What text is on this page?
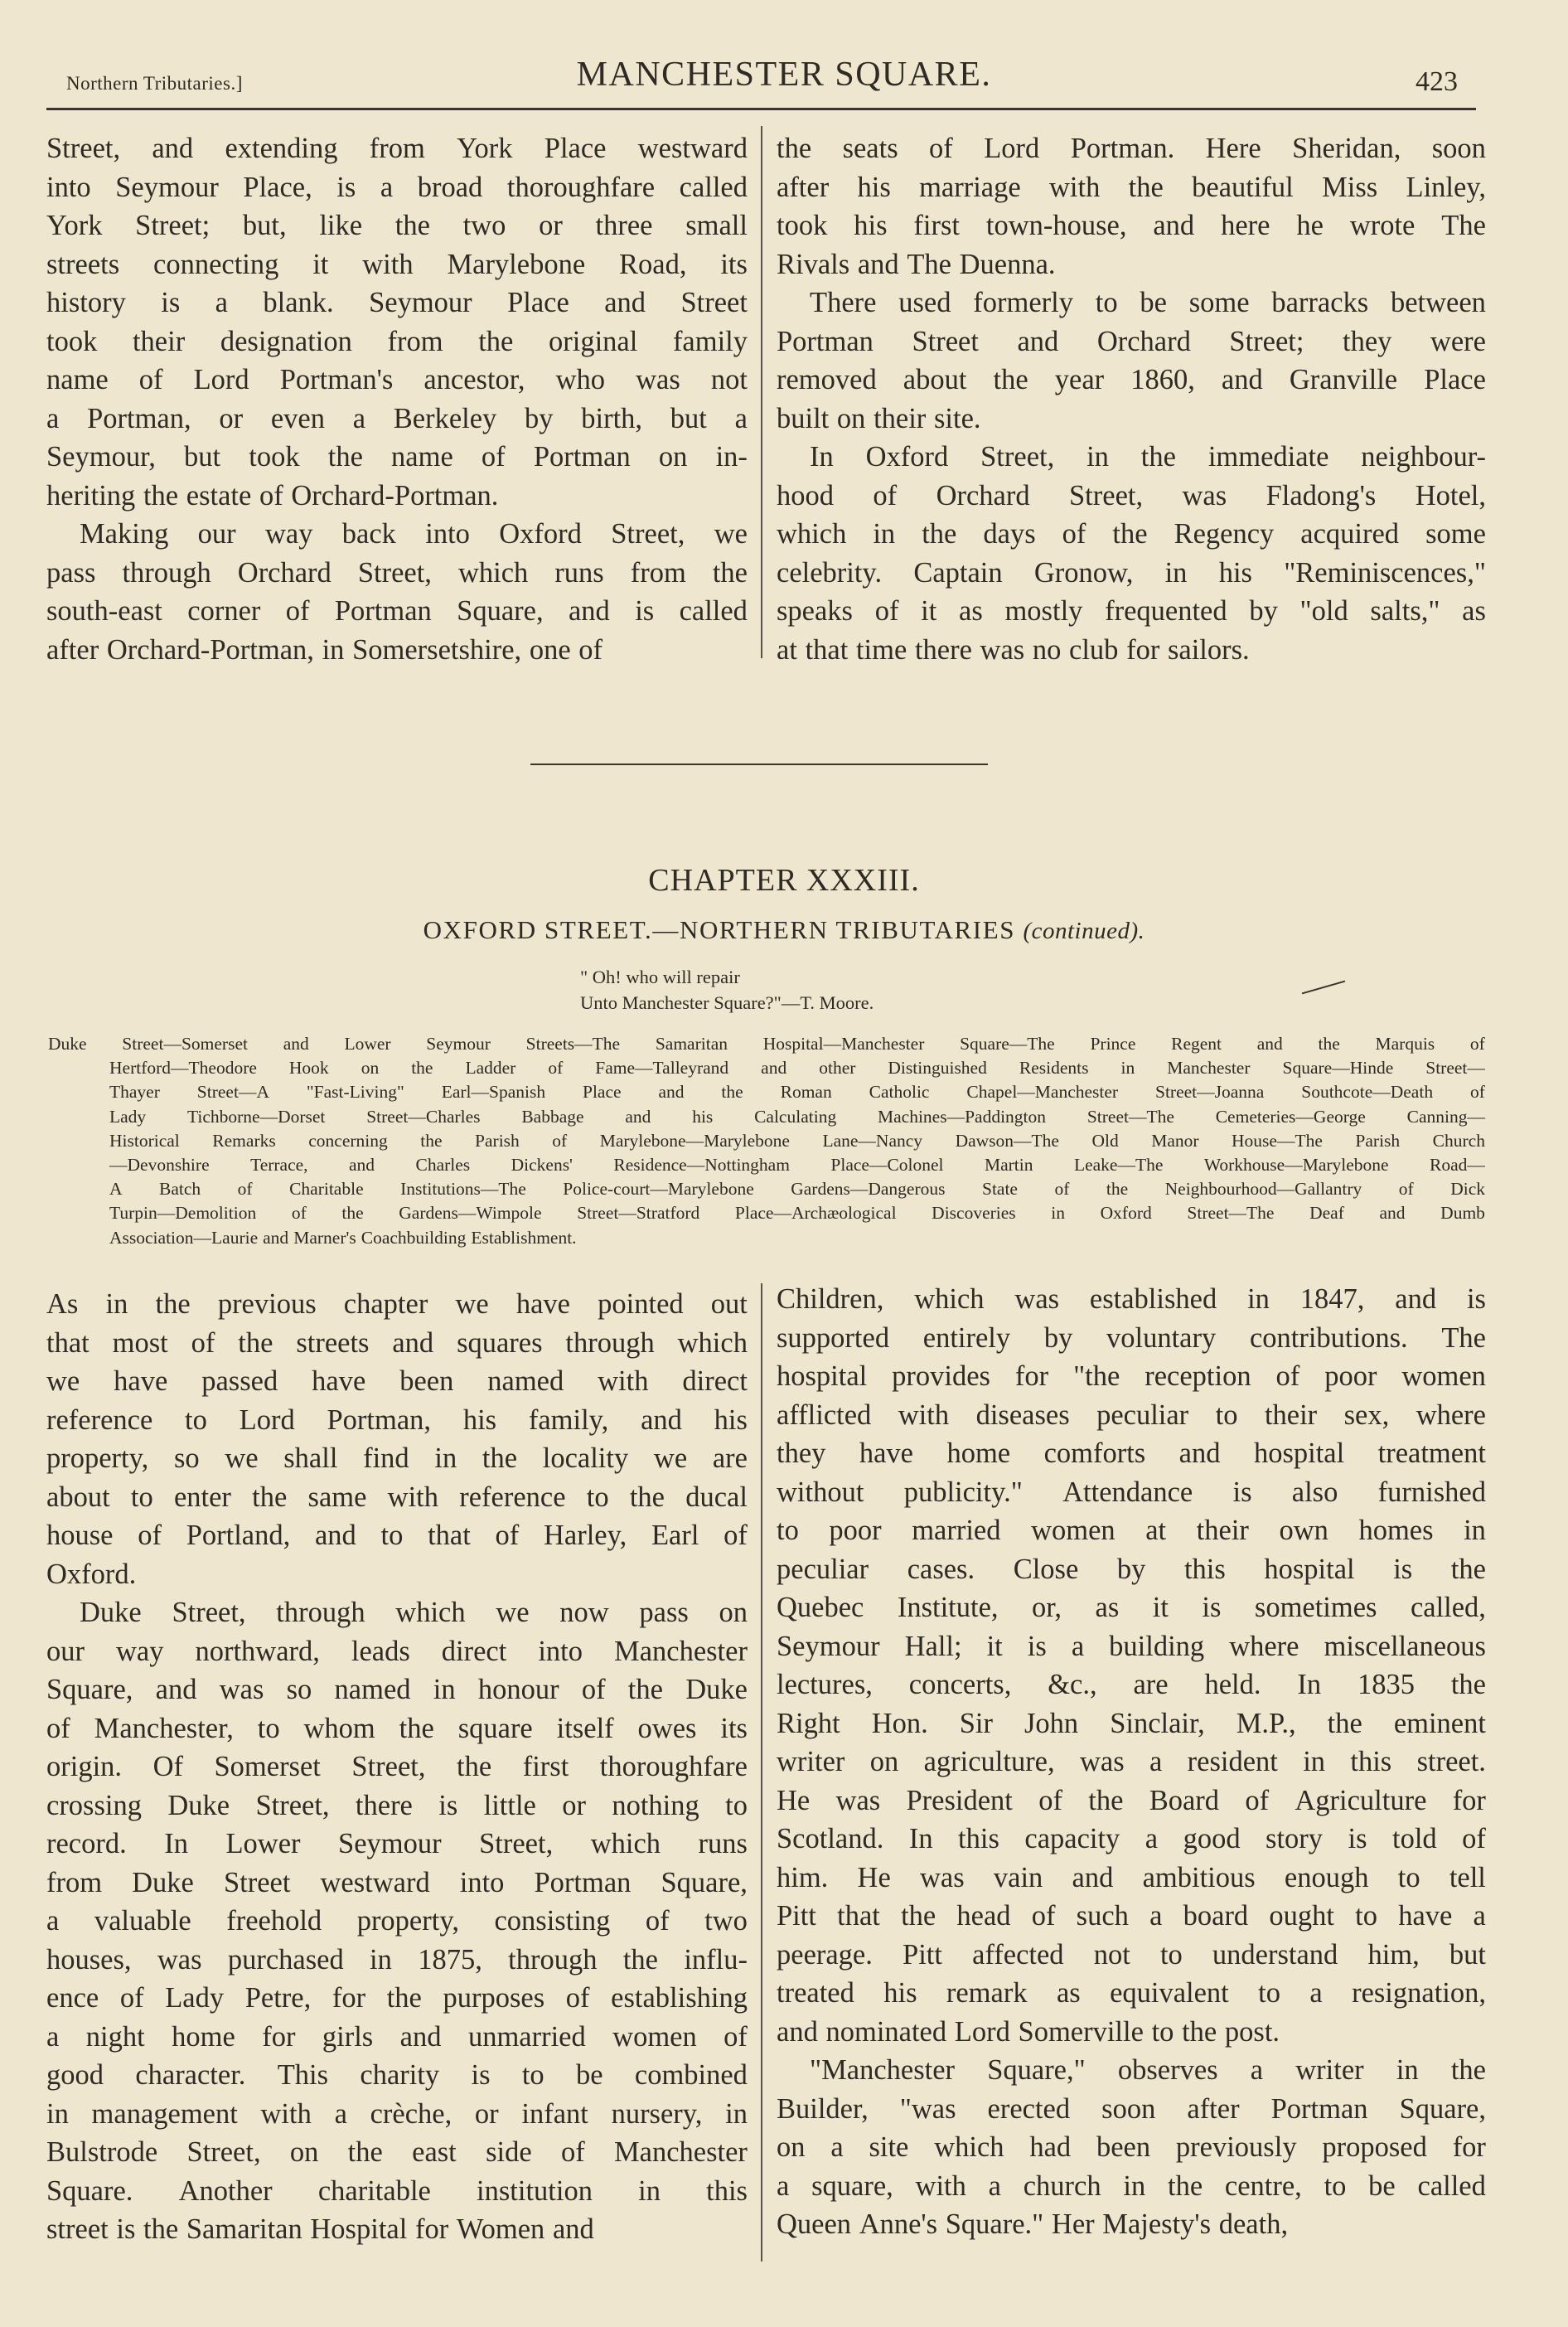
Northern Tributaries.]	MANCHESTER SQUARE.	423
Street, and extending from York Place westward
into Seymour Place, is a broad thoroughfare called
York Street; but, like the two or three small
streets connecting it with Marylebone Road, its
history is a blank. Seymour Place and Street
took their designation from the original family
name of Lord Portman's ancestor, who was not
a Portman, or even a Berkeley by birth, but a
Seymour, but took the name of Portman on in-
heriting the estate of Orchard-Portman.
Making our way back into Oxford Street, we
pass through Orchard Street, which runs from the
south-east corner of Portman Square, and is called
after Orchard-Portman, in Somersetshire, one of
the seats of Lord Portman. Here Sheridan, soon
after his marriage with the beautiful Miss Linley,
took his first town-house, and here he wrote The
Rivals and The Duenna.
There used formerly to be some barracks between
Portman Street and Orchard Street; they were
removed about the year 1860, and Granville Place
built on their site.
In Oxford Street, in the immediate neighbour-
hood of Orchard Street, was Fladong's Hotel,
which in the days of the Regency acquired some
celebrity. Captain Gronow, in his "Reminiscences,"
speaks of it as mostly frequented by "old salts," as
at that time there was no club for sailors.
CHAPTER XXXIII.
OXFORD STREET.—NORTHERN TRIBUTARIES (continued).
" Oh! who will repair
Unto Manchester Square?"—T. Moore.
Duke Street—Somerset and Lower Seymour Streets—The Samaritan Hospital—Manchester Square—The Prince Regent and the Marquis of
Hertford—Theodore Hook on the Ladder of Fame—Talleyrand and other Distinguished Residents in Manchester Square—Hinde Street—
Thayer Street—A "Fast-Living" Earl—Spanish Place and the Roman Catholic Chapel—Manchester Street—Joanna Southcote—Death of
Lady Tichborne—Dorset Street—Charles Babbage and his Calculating Machines—Paddington Street—The Cemeteries—George Canning—
Historical Remarks concerning the Parish of Marylebone—Marylebone Lane—Nancy Dawson—The Old Manor House—The Parish Church
—Devonshire Terrace, and Charles Dickens' Residence—Nottingham Place—Colonel Martin Leake—The Workhouse—Marylebone Road—
A Batch of Charitable Institutions—The Police-court—Marylebone Gardens—Dangerous State of the Neighbourhood—Gallantry of Dick
Turpin—Demolition of the Gardens—Wimpole Street—Stratford Place—Archæological Discoveries in Oxford Street—The Deaf and Dumb
Association—Laurie and Marner's Coachbuilding Establishment.
As in the previous chapter we have pointed out
that most of the streets and squares through which
we have passed have been named with direct
reference to Lord Portman, his family, and his
property, so we shall find in the locality we are
about to enter the same with reference to the ducal
house of Portland, and to that of Harley, Earl of
Oxford.
Duke Street, through which we now pass on
our way northward, leads direct into Manchester
Square, and was so named in honour of the Duke
of Manchester, to whom the square itself owes its
origin. Of Somerset Street, the first thoroughfare
crossing Duke Street, there is little or nothing to
record. In Lower Seymour Street, which runs
from Duke Street westward into Portman Square,
a valuable freehold property, consisting of two
houses, was purchased in 1875, through the influ-
ence of Lady Petre, for the purposes of establishing
a night home for girls and unmarried women of
good character. This charity is to be combined
in management with a crèche, or infant nursery, in
Bulstrode Street, on the east side of Manchester
Square. Another charitable institution in this
street is the Samaritan Hospital for Women and
Children, which was established in 1847, and is
supported entirely by voluntary contributions. The
hospital provides for "the reception of poor women
afflicted with diseases peculiar to their sex, where
they have home comforts and hospital treatment
without publicity." Attendance is also furnished
to poor married women at their own homes in
peculiar cases. Close by this hospital is the
Quebec Institute, or, as it is sometimes called,
Seymour Hall; it is a building where miscellaneous
lectures, concerts, &c., are held. In 1835 the
Right Hon. Sir John Sinclair, M.P., the eminent
writer on agriculture, was a resident in this street.
He was President of the Board of Agriculture for
Scotland. In this capacity a good story is told of
him. He was vain and ambitious enough to tell
Pitt that the head of such a board ought to have a
peerage. Pitt affected not to understand him, but
treated his remark as equivalent to a resignation,
and nominated Lord Somerville to the post.
"Manchester Square," observes a writer in the
Builder, "was erected soon after Portman Square,
on a site which had been previously proposed for
a square, with a church in the centre, to be called
Queen Anne's Square." Her Majesty's death,
